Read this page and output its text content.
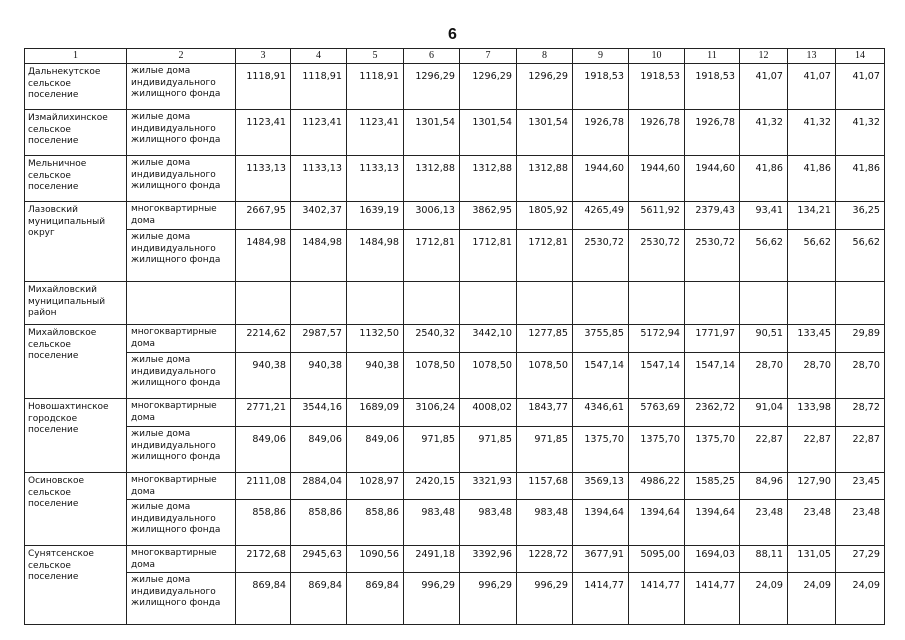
6
1	2	3	4	5	6	7	8	9	10	11	12	13	14
Дальнекутское сельское поселение	жилые дома индивидуального жилищного фонда	1118,91	1118,91	1118,91	1296,29	1296,29	1296,29	1918,53	1918,53	1918,53	41,07	41,07	41,07
Измайлихинское сельское поселение	жилые дома индивидуального жилищного фонда	1123,41	1123,41	1123,41	1301,54	1301,54	1301,54	1926,78	1926,78	1926,78	41,32	41,32	41,32
Мельничное сельское поселение	жилые дома индивидуального жилищного фонда	1133,13	1133,13	1133,13	1312,88	1312,88	1312,88	1944,60	1944,60	1944,60	41,86	41,86	41,86
Лазовский муниципальный округ	многоквартирные дома	2667,95	3402,37	1639,19	3006,13	3862,95	1805,92	4265,49	5611,92	2379,43	93,41	134,21	36,25
	жилые дома индивидуального жилищного фонда	1484,98	1484,98	1484,98	1712,81	1712,81	1712,81	2530,72	2530,72	2530,72	56,62	56,62	56,62
Михайловский муниципальный район													
Михайловское сельское поселение	многоквартирные дома	2214,62	2987,57	1132,50	2540,32	3442,10	1277,85	3755,85	5172,94	1771,97	90,51	133,45	29,89
	жилые дома индивидуального жилищного фонда	940,38	940,38	940,38	1078,50	1078,50	1078,50	1547,14	1547,14	1547,14	28,70	28,70	28,70
Новошахтинское городское поселение	многоквартирные дома	2771,21	3544,16	1689,09	3106,24	4008,02	1843,77	4346,61	5763,69	2362,72	91,04	133,98	28,72
	жилые дома индивидуального жилищного фонда	849,06	849,06	849,06	971,85	971,85	971,85	1375,70	1375,70	1375,70	22,87	22,87	22,87
Осиновское сельское поселение	многоквартирные дома	2111,08	2884,04	1028,97	2420,15	3321,93	1157,68	3569,13	4986,22	1585,25	84,96	127,90	23,45
	жилые дома индивидуального жилищного фонда	858,86	858,86	858,86	983,48	983,48	983,48	1394,64	1394,64	1394,64	23,48	23,48	23,48
Сунятсенское сельское поселение	многоквартирные дома	2172,68	2945,63	1090,56	2491,18	3392,96	1228,72	3677,91	5095,00	1694,03	88,11	131,05	27,29
	жилые дома индивидуального жилищного фонда	869,84	869,84	869,84	996,29	996,29	996,29	1414,77	1414,77	1414,77	24,09	24,09	24,09
